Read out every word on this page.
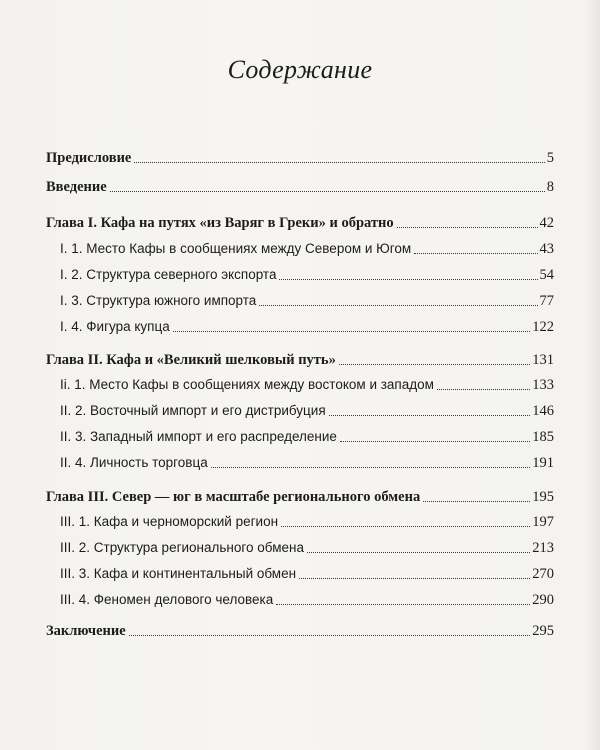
Содержание
Предисловие	5
Введение	8
Глава I. Кафа на путях «из Варяг в Греки» и обратно	42
I. 1. Место Кафы в сообщениях между Севером и Югом	43
I. 2. Структура северного экспорта	54
I. 3. Структура южного импорта	77
I. 4. Фигура купца	122
Глава II. Кафа и «Великий шелковый путь»	131
Ii. 1. Место Кафы в сообщениях между востоком и западом	133
II. 2. Восточный импорт и его дистрибуция	146
II. 3. Западный импорт и его распределение	185
II. 4. Личность торговца	191
Глава III. Север — юг в масштабе регионального обмена	195
III. 1. Кафа и черноморский регион	197
III. 2. Структура регионального обмена	213
III. 3. Кафа и континентальный обмен	270
III. 4. Феномен делового человека	290
Заключение	295
